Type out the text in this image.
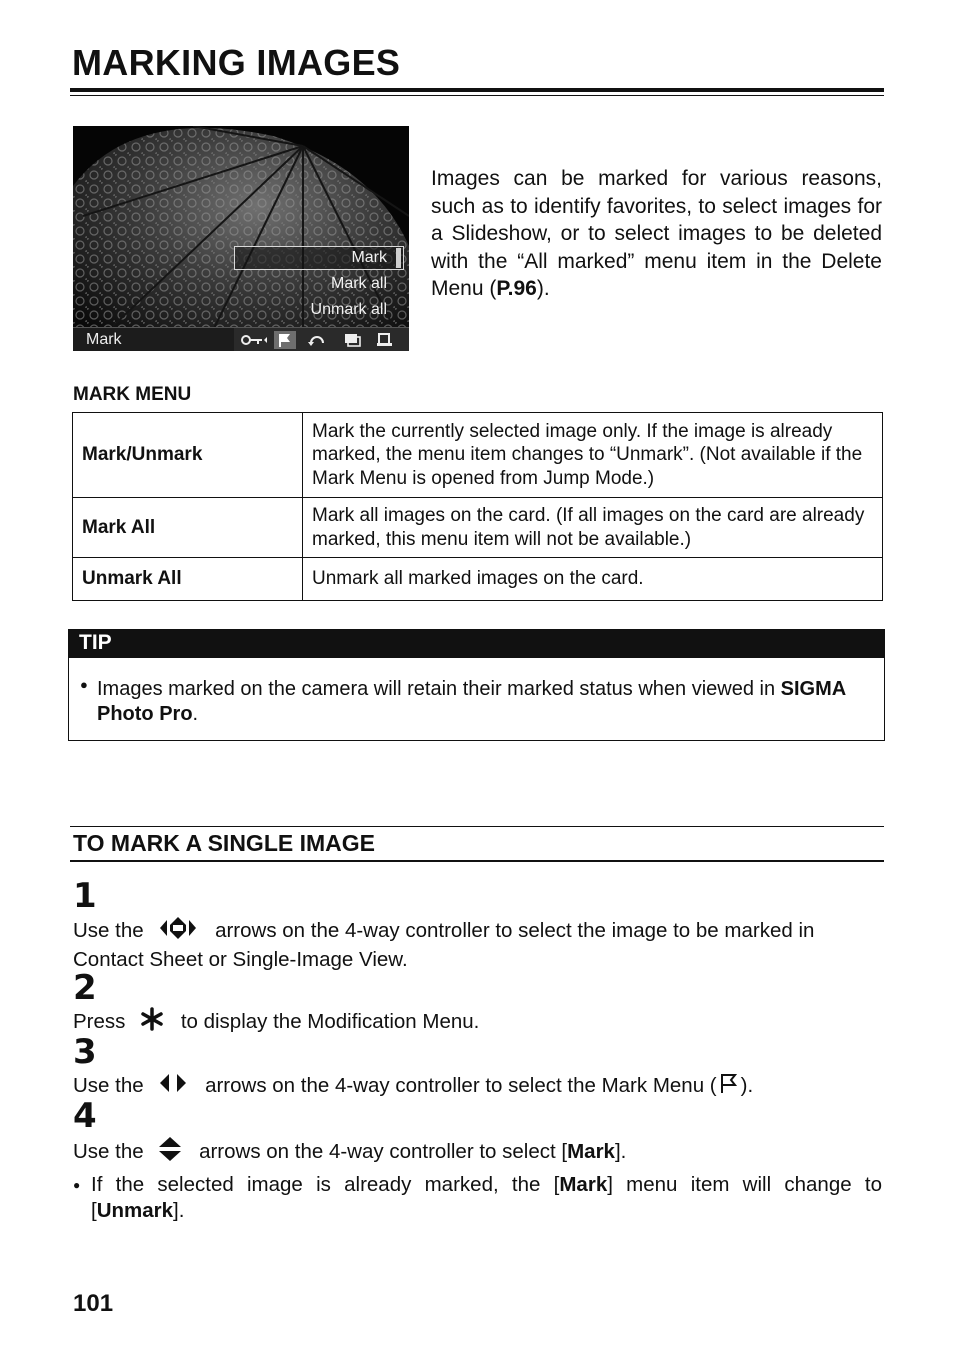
MARKING IMAGES
Mark
Mark all
Unmark all
Mark

Images can be marked for various reasons, such as to identify favorites, to select images for a Slideshow, or to select images to be deleted with the “All marked” menu item in the Delete Menu (P.96).

MARK MENU
Mark/Unmark	Mark the currently selected image only. If the image is already marked, the menu item changes to “Unmark”. (Not available if the Mark Menu is opened from Jump Mode.)
Mark All	Mark all images on the card. (If all images on the card are already marked, this menu item will not be available.)
Unmark All	Unmark all marked images on the card.
TIP
● Images marked on the camera will retain their marked status when viewed in SIGMA Photo Pro.

TO MARK A SINGLE IMAGE
1

Use the	arrows on the 4-way controller to select the image to be marked in Contact Sheet or Single-Image View.

2

Press	to display the Modification Menu.

3

Use the	arrows on the 4-way controller to select the Mark Menu ( ).

4

Use the	arrows on the 4-way controller to select [Mark].

● If the selected image is already marked, the [Mark] menu item will change to [Unmark].

101
